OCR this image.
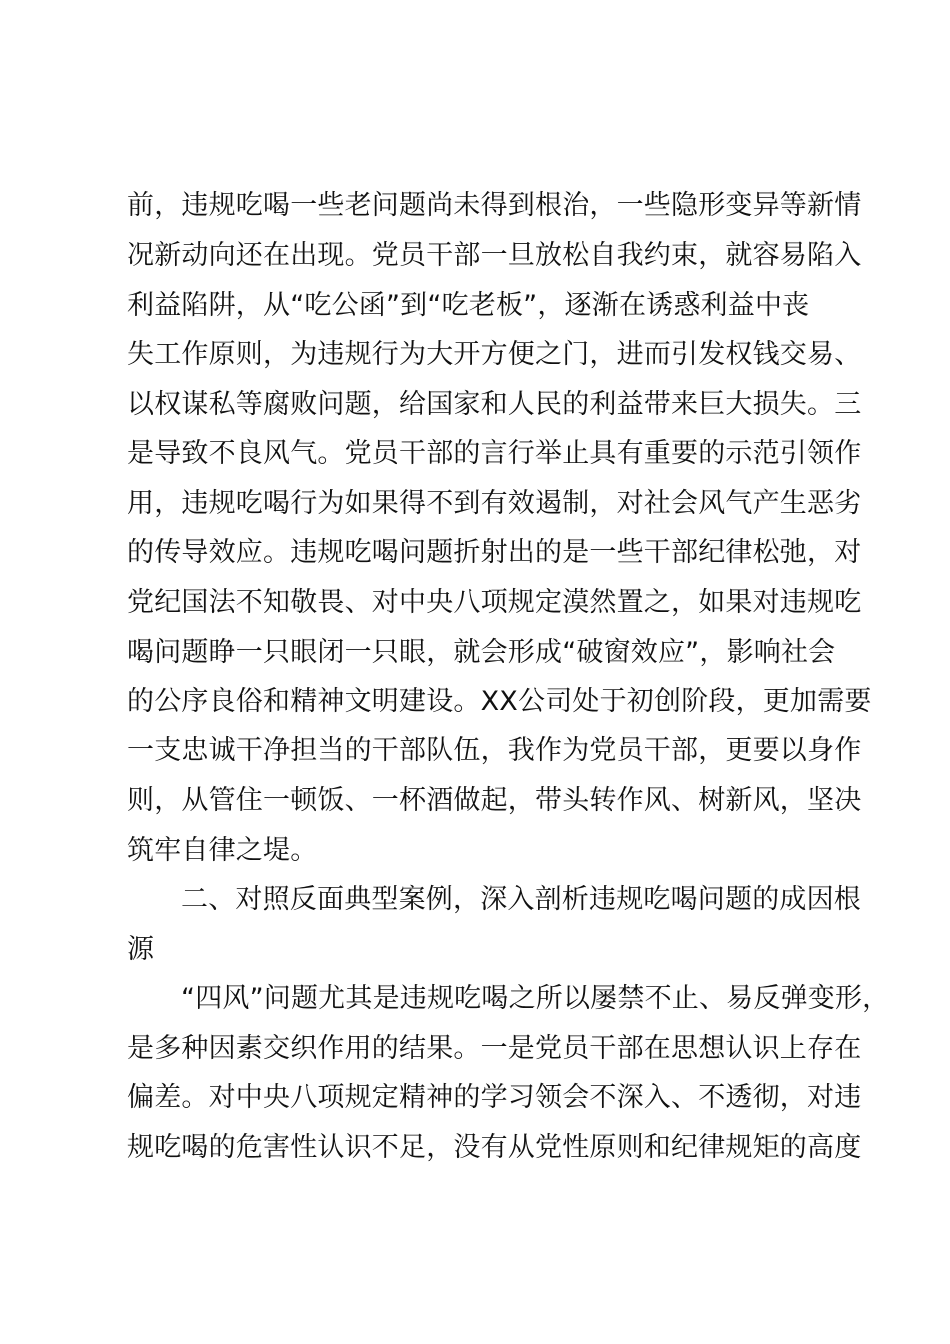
前，违规吃喝一些老问题尚未得到根治，一些隐形变异等新情
况新动向还在出现。党员干部一旦放松自我约束，就容易陷入
利益陷阱，从“吃公函”到“吃老板”，逐渐在诱惑利益中丧
失工作原则，为违规行为大开方便之门，进而引发权钱交易、
以权谋私等腐败问题，给国家和人民的利益带来巨大损失。三
是导致不良风气。党员干部的言行举止具有重要的示范引领作
用，违规吃喝行为如果得不到有效遏制，对社会风气产生恶劣
的传导效应。违规吃喝问题折射出的是一些干部纪律松弛，对
党纪国法不知敬畏、对中央八项规定漠然置之，如果对违规吃
喝问题睁一只眼闭一只眼，就会形成“破窗效应”，影响社会
的公序良俗和精神文明建设。XX公司处于初创阶段，更加需要
一支忠诚干净担当的干部队伍，我作为党员干部，更要以身作
则，从管住一顿饭、一杯酒做起，带头转作风、树新风，坚决
筑牢自律之堤。
二、对照反面典型案例，深入剖析违规吃喝问题的成因根
源
“四风”问题尤其是违规吃喝之所以屡禁不止、易反弹变形，
是多种因素交织作用的结果。一是党员干部在思想认识上存在
偏差。对中央八项规定精神的学习领会不深入、不透彻，对违
规吃喝的危害性认识不足，没有从党性原则和纪律规矩的高度
